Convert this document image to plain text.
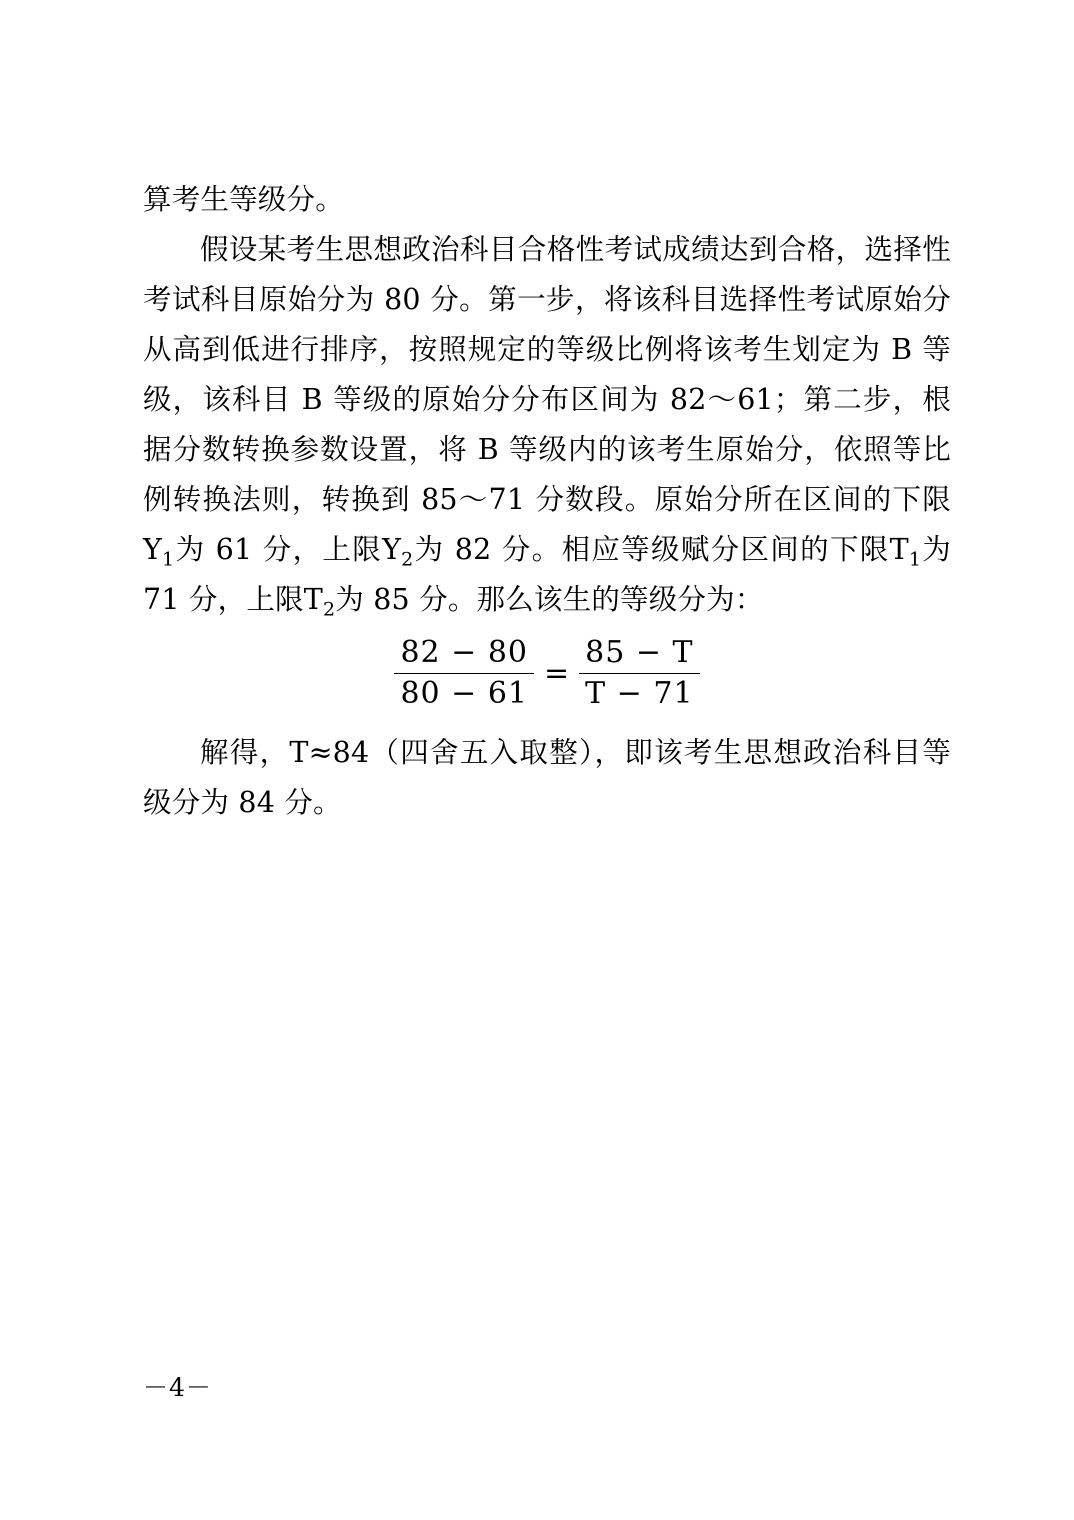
算考生等级分。

假设某考生思想政治科目合格性考试成绩达到合格，选择性考试科目原始分为 80 分。第一步，将该科目选择性考试原始分从高到低进行排序，按照规定的等级比例将该考生划定为 B 等级，该科目 B 等级的原始分分布区间为 82～61；第二步，根据分数转换参数设置，将 B 等级内的该考生原始分，依照等比例转换法则，转换到 85～71 分数段。原始分所在区间的下限$Y_1$为 61 分，上限$Y_2$为 82 分。相应等级赋分区间的下限$T_1$为 71 分，上限$T_2$为 85 分。那么该生的等级分为：

$\frac{82 - 80}{80 - 61} = \frac{85 - T}{T - 71}$

解得，T≈84（四舍五入取整），即该考生思想政治科目等级分为 84 分。

－4－
